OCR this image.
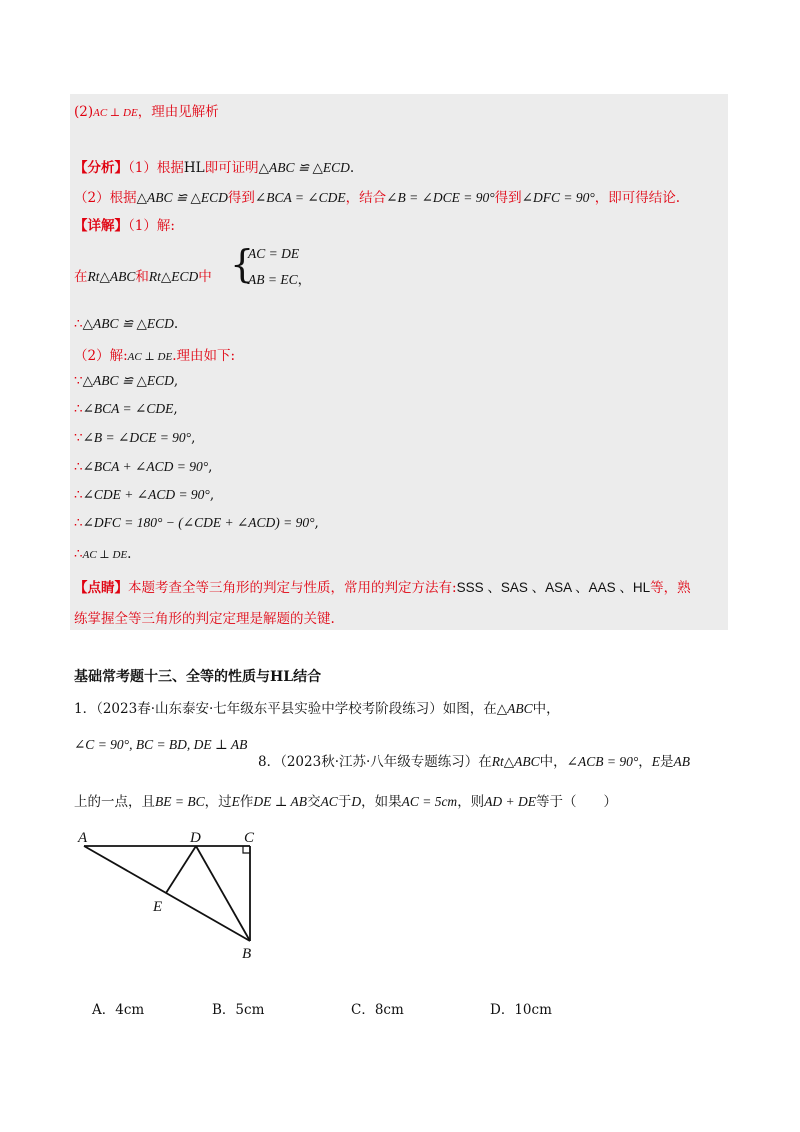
(2)AC ⊥ DE，理由见解析
【分析】（1）根据HL即可证明△ABC ≌ △ECD.
（2）根据△ABC ≌ △ECD得到∠BCA = ∠CDE，结合∠B = ∠DCE = 90°得到∠DFC = 90°，即可得结论.
【详解】（1）解:
在Rt△ABC和Rt△ECD中 {
AC = DE
AB = EC，
∴△ABC ≌ △ECD.
（2）解:AC ⊥ DE.理由如下:
∵△ABC ≌ △ECD,
∴∠BCA = ∠CDE,
∵∠B = ∠DCE = 90°,
∴∠BCA + ∠ACD = 90°,
∴∠CDE + ∠ACD = 90°,
∴∠DFC = 180° − (∠CDE + ∠ACD) = 90°,
∴AC ⊥ DE.
【点睛】本题考查全等三角形的判定与性质，常用的判定方法有:SSS 、SAS 、ASA 、AAS 、HL等，熟
练掌握全等三角形的判定定理是解题的关键.
基础常考题十三、全等的性质与HL结合
1．（2023春·山东泰安·七年级东平县实验中学校考阶段练习）如图，在△ABC中，
∠C = 90°, BC = BD, DE ⊥ AB
8．（2023秋·江苏·八年级专题练习）在Rt△ABC中，∠ACB = 90°，E是AB
上的一点，且BE = BC，过E作DE ⊥ AB交AC于D，如果AC = 5cm，则AD + DE等于（　　）
A	D	C
E
B
A．4cm	B．5cm	C．8cm	D．10cm
